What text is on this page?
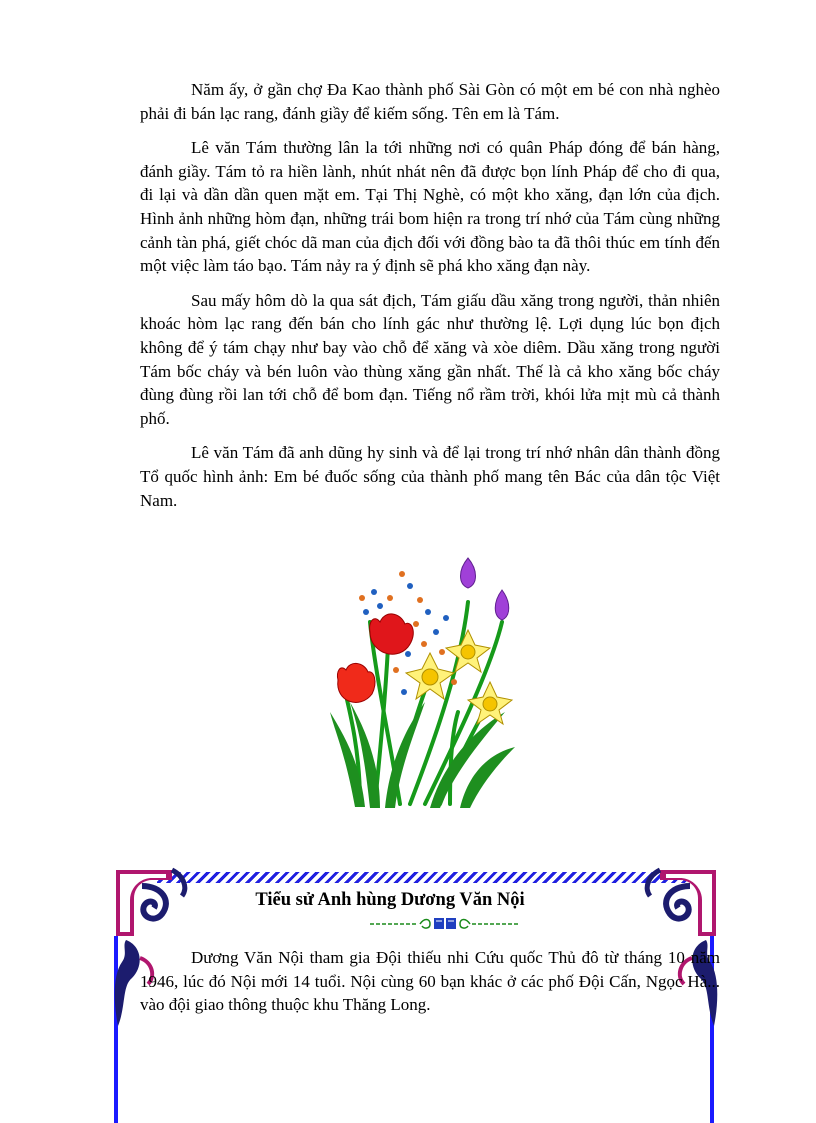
Năm ấy, ở gần chợ Đa Kao thành phố Sài Gòn có một em bé con nhà nghèo phải đi bán lạc rang, đánh giầy để kiếm sống. Tên em là Tám.

Lê văn Tám thường lân la tới những nơi có quân Pháp đóng để bán hàng, đánh giầy. Tám tỏ ra hiền lành, nhút nhát nên đã được bọn lính Pháp để cho đi qua, đi lại và dần dần quen mặt em. Tại Thị Nghè, có một kho xăng, đạn lớn của địch. Hình ảnh những hòm đạn, những trái bom hiện ra trong trí nhớ của Tám cùng những cảnh tàn phá, giết chóc dã man của địch đối với đồng bào ta đã thôi thúc em tính đến một việc làm táo bạo. Tám nảy ra ý định sẽ phá kho xăng đạn này.

Sau mấy hôm dò la qua sát địch, Tám giấu dầu xăng trong người, thản nhiên khoác hòm lạc rang đến bán cho lính gác như thường lệ. Lợi dụng lúc bọn địch không để ý tám chạy như bay vào chỗ để xăng và xòe diêm. Dầu xăng trong người Tám bốc cháy và bén luôn vào thùng xăng gần nhất. Thế là cả kho xăng bốc cháy đùng đùng rồi lan tới chỗ để bom đạn. Tiếng nổ rầm trời, khói lửa mịt mù cả thành phố.

Lê văn Tám đã anh dũng hy sinh và để lại trong trí nhớ nhân dân thành đồng Tổ quốc hình ảnh: Em bé đuốc sống của thành phố mang tên Bác của dân tộc Việt Nam.

Tiểu sử Anh hùng Dương Văn Nội

Dương Văn Nội tham gia Đội thiếu nhi Cứu quốc Thủ đô từ tháng 10 năm 1946, lúc đó Nội mới 14 tuổi. Nội cùng 60 bạn khác ở các phố Đội Cấn, Ngọc Hà... vào đội giao thông thuộc khu Thăng Long.
